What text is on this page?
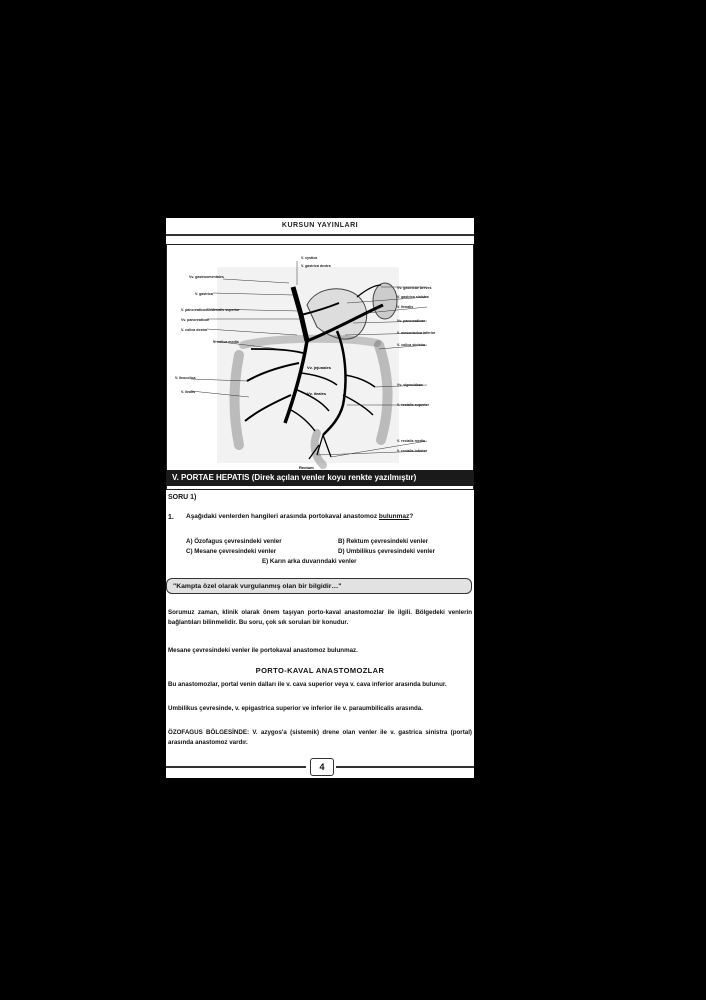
KURSUN YAYINLARI
Vv. gastroomentales
V. gastrica
V. pancreaticoduodenalis superior
Vv. pancreaticae
V. colica dextra
V. colica media
V. ileocolica
V. ilealis
V. cystica
V. gastrica dextra
Vv. gastricae breves
V. gastrica sinistra
V. lienalis
Vv. pancreaticae
V. mesenterica inferior
V. colica sinistra
Vv. sigmoideae
V. rectalis superior
V. rectalis media
V. rectalis inferior
Vv. jejunales
Vv. ileales
Rectum
V. PORTAE HEPATIS (Direk açılan venler koyu renkte yazılmıştır)
SORU 1)
1. Aşağıdaki venlerden hangileri arasında portokaval anastomoz bulunmaz?
A) Özofagus çevresindeki venler	B) Rektum çevresindeki venler
C) Mesane çevresindeki venler	D) Umbilikus çevresindeki venler
E) Karın arka duvarındaki venler
"Kampta özel olarak vurgulanmış olan bir bilgidir…"
Sorumuz zaman, klinik olarak önem taşıyan porto-kaval anastomozlar ile ilgili. Bölgedeki venlerin bağlantıları bilinmelidir. Bu soru, çok sık sorulan bir konudur.
Mesane çevresindeki venler ile portokaval anastomoz bulunmaz.
PORTO-KAVAL ANASTOMOZLAR
Bu anastomozlar, portal venin dalları ile v. cava superior veya v. cava inferior arasında bulunur.
Umbilikus çevresinde, v. epigastrica superior ve inferior ile v. paraumbilicalis arasında.
ÖZOFAGUS BÖLGESİNDE: V. azygos'a (sistemik) drene olan venler ile v. gastrica sinistra (portal) arasında anastomoz vardır.
4
